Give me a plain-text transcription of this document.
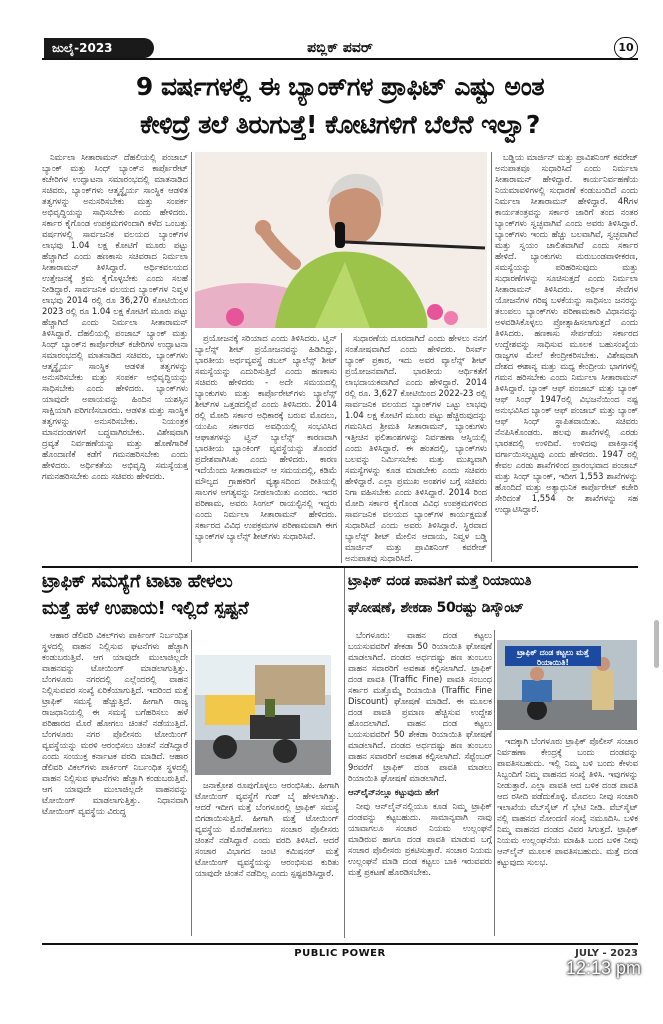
ಜುಲೈ-2023	ಪಬ್ಲಿಕ್ ಪವರ್	10
9 ವರ್ಷಗಳಲ್ಲಿ ಈ ಬ್ಯಾಂಕ್‌ಗಳ ಪ್ರಾಫಿಟ್ ಎಷ್ಟು ಅಂತ
ಕೇಳಿದ್ರೆ ತಲೆ ತಿರುಗುತ್ತೆ! ಕೋಟಿಗಳಿಗೆ ಬೆಲೆನೆ ಇಲ್ವಾ?

ನಿರ್ಮಲಾ ಸೀತಾರಾಮನ್ ದೆಹಲಿಯಲ್ಲಿ ಪಂಜಾಬ್ ಬ್ಯಾಂಕ್ ಮತ್ತು ಸಿಂಧ್ ಬ್ಯಾಂಕ್‌ನ ಕಾರ್ಪೊರೇಟ್ ಕಚೇರಿಗಳ ಉದ್ಘಾಟನಾ ಸಮಾರಂಭದಲ್ಲಿ ಮಾತನಾಡಿದ ಸಚಿವರು, ಬ್ಯಾಂಕ್‌ಗಳು ಆತ್ಮಸ್ಥೈರ್ಯ ಸಾಂಸ್ಥಿಕ ಆಡಳಿತ ತತ್ವಗಳನ್ನು ಅನುಸರಿಸಬೇಕು ಮತ್ತು ಸಂಪರ್ಕ ಅಭಿವೃದ್ಧಿಯನ್ನು ಸಾಧಿಸಬೇಕು ಎಂದು ಹೇಳಿದರು. ಸರ್ಕಾರ ಕೈಗೊಂಡ ಉಪಕ್ರಮಗಳಿಂದಾಗಿ ಕಳೆದ ಒಂಬತ್ತು ವರ್ಷಗಳಲ್ಲಿ ಸಾರ್ವಜನಿಕ ವಲಯದ ಬ್ಯಾಂಕ್‌ಗಳ ಲಾಭವು 1.04 ಲಕ್ಷ ಕೋಟಿಗೆ ಮೂರು ಪಟ್ಟು ಹೆಚ್ಚಾಗಿದೆ ಎಂದು ಹಣಕಾಸು ಸಚಿವರಾದ ನಿರ್ಮಲಾ ಸೀತಾರಾಮನ್ ತಿಳಿಸಿದ್ದಾರೆ. ಅರ್ಥಿಕವಲಯದ ಉತ್ತೇಜನಕ್ಕೆ ಕ್ರಮ ಕೈಗೊಳ್ಳಬೇಕು ಎಂದು ಸಲಹೆ ನೀಡಿದ್ದಾರೆ. ಸಾರ್ವಜನಿಕ ವಲಯದ ಬ್ಯಾಂಕ್‌ಗಳ ನಿವ್ವಳ ಲಾಭವು 2014 ರಲ್ಲಿ ರೂ 36,270 ಕೋಟಿಯಿಂದ 2023 ರಲ್ಲಿ ರೂ 1.04 ಲಕ್ಷ ಕೋಟಿಗೆ ಮೂರು ಪಟ್ಟು ಹೆಚ್ಚಾಗಿದೆ ಎಂದು ನಿರ್ಮಲಾ ಸೀತಾರಾಮನ್ ತಿಳಿಸಿದ್ದಾರೆ. ದೆಹಲಿಯಲ್ಲಿ ಪಂಜಾಬ್ ಬ್ಯಾಂಕ್ ಮತ್ತು ಸಿಂಧ್ ಬ್ಯಾಂಕ್‌ನ ಕಾರ್ಪೊರೇಟ್ ಕಚೇರಿಗಳ ಉದ್ಘಾಟನಾ ಸಮಾರಂಭದಲ್ಲಿ ಮಾತನಾಡಿದ ಸಚಿವರು, ಬ್ಯಾಂಕ್‌ಗಳು ಆತ್ಮಸ್ಥೈರ್ಯ ಸಾಂಸ್ಥಿಕ ಆಡಳಿತ ತತ್ವಗಳನ್ನು ಅನುಸರಿಸಬೇಕು ಮತ್ತು ಸಂಪರ್ಕ ಅಭಿವೃದ್ಧಿಯನ್ನು ಸಾಧಿಸಬೇಕು ಎಂದು ಹೇಳಿದರು. ಬ್ಯಾಂಕ್‌ಗಳು ಯಾವುದೇ ಅಪಾಯವನ್ನು ಹಿಂದಿನ ಯಶಸ್ಸಿನ ಸಾಕ್ಷಿಯಾಗಿ ಪರಿಗಣಿಸಬಾರದು. ಆಡಳಿತ ಮತ್ತು ಸಾಂಸ್ಥಿಕ ತತ್ವಗಳನ್ನು ಅನುಸರಿಸಬೇಕು. ನಿಯಂತ್ರಕ ಮಾನದಂಡಗಳಿಗೆ ಬದ್ಧವಾಗಿರಬೇಕು. ವಿಶೇಷವಾಗಿ ದ್ರವ್ಯತೆ ನಿರ್ವಹಣೆಯನ್ನು ಮತ್ತು ಹೊಣೆಗಾರಿಕೆ ಹೊಂದಾಣಿಕೆ ಕಡೆಗೆ ಗಮನಹರಿಸಬೇಕು ಎಂದು ಹೇಳಿದರು. ಅರ್ಥಿಕತೆಯ ಅಭಿವೃದ್ಧಿ ಸಮಸ್ಯೆಯತ್ತ ಗಮನಹರಿಸಬೇಕು ಎಂದು ಸಚಿವರು ಹೇಳಿದರು.

ಪ್ರಯೋಜನಕ್ಕೆ ಸರಿಯಾದ ಎಂದು ತಿಳಿಸಿದರು. ಟ್ವಿನ್ ಬ್ಯಾಲೆನ್ಸ್ ಶೀಟ್ ಪ್ರಯೋಜನವನ್ನು ಹಿಡಿದಿದ್ದು, ಭಾರತೀಯ ಅರ್ಥವ್ಯವಸ್ಥೆ ಡಬಲ್ ಬ್ಯಾಲೆನ್ಸ್ ಶೀಟ್ ಸಮಸ್ಯೆಯನ್ನು ಎದುರಿಸುತ್ತಿದೆ ಎಂದು ಹಣಕಾಸು ಸಚಿವರು ಹೇಳಿದರು - ಅದೇ ಸಮಯದಲ್ಲಿ ಬ್ಯಾಂಕುಗಳು ಮತ್ತು ಕಾರ್ಪೊರೇಟ್‌ಗಳು ಬ್ಯಾಲೆನ್ಸ್ ಶೀಟ್‌ಗಳ ಒತ್ತಡದಲ್ಲಿವೆ ಎಂದು ತಿಳಿಸಿದರು. 2014 ರಲ್ಲಿ ಮೋದಿ ಸರ್ಕಾರ ಅಧಿಕಾರಕ್ಕೆ ಬರುವ ಮೊದಲು, ಯುಪಿಎ ಸರ್ಕಾರದ ಅವಧಿಯಲ್ಲಿ ಸಂಭವಿಸಿದ ಆಘಾತಗಳನ್ನು ಟ್ವಿನ್ ಬ್ಯಾಲೆನ್ಸ್ ಕಾರಣವಾಗಿ ಭಾರತೀಯ ಬ್ಯಾಂಕಿಂಗ್ ವ್ಯವಸ್ಥೆಯನ್ನು ತೊಂದರೆ ಪ್ರದೇಶವಾಗಿಸಿತು ಎಂದು ಹೇಳಿದರು. ಕಾರಣ ಇದೆಯೆಂದು ಸೀತಾರಾಮನ್ ಆ ಸಮಯದಲ್ಲಿ, ಕಡಿಮೆ ಮೌಲ್ಯದ ಗ್ರಾಹಕರಿಗೆ ವ್ಯತ್ಯಾಸದಿಂದ ರೀತಿಯಲ್ಲಿ ಸಾಲಗಳ ಅಗತ್ಯವನ್ನು ನೀಡಲಾಯಿತು ಎಂದರು. ಇದರ ಪರಿಣಾಮ, ಅವರು ಸಿಂಗಲ್ ರಾಯಲ್ಟಿನಲ್ಲಿ ಇದ್ದರು ಎಂದು ನಿರ್ಮಲಾ ಸೀತಾರಾಮನ್ ಹೇಳಿದರು. ಸರ್ಕಾರದ ವಿವಿಧ ಉಪಕ್ರಮಗಳ ಪರಿಣಾಮವಾಗಿ ಈಗ ಬ್ಯಾಂಕ್‌ಗಳ ಬ್ಯಾಲೆನ್ಸ್ ಶೀಟ್‌ಗಳು ಸುಧಾರಿಸಿವೆ.

ಸುಧಾರಣೆಯ ದೂರದಾಗಿದೆ ಎಂದು ಹೇಳಲು ನನಗೆ ಸಂತೋಷವಾಗಿದೆ ಎಂದು ಹೇಳಿದರು. ರಿಸರ್ವ್ ಬ್ಯಾಂಕ್ ಪ್ರಕಾರ, ಇದು ಅವರ ವ್ಯಾಲೆನ್ಸ್ ಶೀಟ್ ಪ್ರಯೋಜನವಾಗಿದೆ. ಭಾರತೀಯ ಆರ್ಥಿಕತೆಗೆ ಲಾಭದಾಯಕವಾಗಿದೆ ಎಂದು ಹೇಳಿದ್ದಾರೆ. 2014 ರಲ್ಲಿ ರೂ. 3,627 ಕೋಟಿಯಿಂದ 2022-23 ರಲ್ಲಿ ಸಾರ್ವಜನಿಕ ವಲಯದ ಬ್ಯಾಂಕ್‌ಗಳ ಒಟ್ಟು ಲಾಭವು 1.04 ಲಕ್ಷ ಕೋಟಿಗೆ ಮೂರು ಪಟ್ಟು ಹೆಚ್ಚಿರುವುದನ್ನು ಗಮನಿಸಿದ ಶ್ರೀಮತಿ ಸೀತಾರಾಮನ್, ಬ್ಯಾಂಕುಗಳು ಇತ್ತೀಚಿನ ಫಲಿತಾಂಶಗಳನ್ನು ನಿರ್ವಹಣಾ ಆಸ್ತಿಯಲ್ಲಿ ಎಂದು ತಿಳಿಸಿದ್ದಾರೆ. ಈ ಹಂತದಲ್ಲಿ, ಬ್ಯಾಂಕ್‌ಗಳು ಬಲವನ್ನು ನಿರ್ಮಿಸಬೇಕು ಮತ್ತು ಮುಖ್ಯವಾಗಿ ಸಮಸ್ಯೆಗಳನ್ನು ಕೂಡ ಮಾಡಬೇಕು ಎಂದು ಸಚಿವರು ಹೇಳಿದ್ದಾರೆ. ಎಲ್ಲಾ ಪ್ರಮುಖ ಅಂಶಗಳ ಬಗ್ಗೆ ಸಚಿವರು ನಿಗಾ ವಹಿಸಬೇಕು ಎಂದು ತಿಳಿಸಿದ್ದಾರೆ. 2014 ರಿಂದ ಮೋದಿ ಸರ್ಕಾರ ಕೈಗೊಂಡ ವಿವಿಧ ಉಪಕ್ರಮಗಳಿಂದ ಸಾರ್ವಜನಿಕ ವಲಯದ ಬ್ಯಾಂಕ್‌ಗಳ ಕಾರ್ಯಕ್ಷಮತೆ ಸುಧಾರಿಸಿದೆ ಎಂದು ಅವರು ತಿಳಿಸಿದ್ದಾರೆ. ಸ್ಥಿರವಾದ ಬ್ಯಾಲೆನ್ಸ್ ಶೀಟ್ ಮೇಲಿನ ಆದಾಯ, ನಿವ್ವಳ ಬಡ್ಡಿ ಮಾರ್ಜಿನ್ ಮತ್ತು ಪ್ರಾವಿಶನಿಂಗ್ ಕವರೇಜ್ ಅನುಪಾತವು ಸುಧಾರಿಸಿದೆ.

ಬಡ್ಡಿಯ ಮಾರ್ಜಿನ್ ಮತ್ತು ಪ್ರಾವಿಶನಿಂಗ್ ಕವರೇಜ್ ಅನುಪಾತವೂ ಸುಧಾರಿಸಿದೆ ಎಂದು ನಿರ್ಮಲಾ ಸೀತಾರಾಮನ್ ಹೇಳಿದ್ದಾರೆ. ಕಾರ್ಯನಿರ್ವಹಣೆಯ ನಿಯಮಾವಳಿಗಳಲ್ಲಿ ಸುಧಾರಣೆ ಕಂಡುಬಂದಿದೆ ಎಂದು ನಿರ್ಮಲಾ ಸೀತಾರಾಮನ್ ಹೇಳಿದ್ದಾರೆ. 4Rಗಳ ಕಾರ್ಯತಂತ್ರವನ್ನು ಸರ್ಕಾರ ಜಾರಿಗೆ ತಂದ ನಂತರ ಬ್ಯಾಂಕ್‌ಗಳು ಸ್ವಚ್ಛವಾಗಿವೆ ಎಂದು ಅವರು ತಿಳಿಸಿದ್ದಾರೆ. ಬ್ಯಾಂಕ್‌ಗಳು ಇಂದು ಹೆಚ್ಚು ಬಲವಾಗಿವೆ, ಸ್ವಚ್ಛವಾಗಿವೆ ಮತ್ತು ಸ್ವಯಂ ಚಾಲಿತವಾಗಿವೆ ಎಂದು ಸರ್ಕಾರ ಹೇಳಿದೆ. ಬ್ಯಾಂಕುಗಳು ಮರುಬಂಡವಾಳೀಕರಣ, ಸಮಸ್ಯೆಯನ್ನು ಪರಿಹರಿಸುವುದು ಮತ್ತು ಸುಧಾರಣೆಗಳನ್ನು ಸೂಚಿಸುತ್ತದೆ ಎಂದು ನಿರ್ಮಲಾ ಸೀತಾರಾಮನ್ ತಿಳಿಸಿದರು. ಅರ್ಥಿಕ ಸೇವೆಗಳ ಯೋಜನೆಗಳ ಗರಿಷ್ಠ ಬಳಕೆಯನ್ನು ಸಾಧಿಸಲು ಜನರನ್ನು ತಲುಪಲು ಬ್ಯಾಂಕ್‌ಗಳು ಪರಿಣಾಮಕಾರಿ ವಿಧಾನವನ್ನು ಅಳವಡಿಸಿಕೊಳ್ಳಲು ಪ್ರೋತ್ಸಾಹಿಸಲಾಗುತ್ತದೆ ಎಂದು ತಿಳಿಸಿದರು. ಹಣಕಾಸು ಸೇರ್ಪಡೆಯ ಸರ್ಕಾರದ ಉದ್ದೇಶವನ್ನು ಸಾಧಿಸುವ ಮೂಲಕ ಬಹುಸಂಖ್ಯೆಯ ರಾಜ್ಯಗಳ ಮೇಲೆ ಕೇಂದ್ರೀಕರಿಸಬೇಕು. ವಿಶೇಷವಾಗಿ ದೇಶದ ಈಶಾನ್ಯ ಮತ್ತು ಮಧ್ಯ ಕೇಂದ್ರೀಯ ಭಾಗಗಳಲ್ಲಿ ಗಮನ ಹರಿಸಬೇಕು ಎಂದು ನಿರ್ಮಲಾ ಸೀತಾರಾಮನ್ ತಿಳಿಸಿದ್ದಾರೆ. ಬ್ಯಾಂಕ್ ಆಫ್ ಪಂಜಾಬ್ ಮತ್ತು ಬ್ಯಾಂಕ್ ಆಫ್ ಸಿಂಧ್ 1947ರಲ್ಲಿ ವಿಭಜನೆಯಿಂದ ನಷ್ಟ ಅನುಭವಿಸಿದ ಬ್ಯಾಂಕ್ ಆಫ್ ಪಂಜಾಬ್ ಮತ್ತು ಬ್ಯಾಂಕ್ ಆಫ್ ಸಿಂಧ್ ಸ್ಥಾಪಿತವಾಯಿತು. ಸಚಿವರು ನೆನಪಿಸಿಕೊಂಡರು. ಹಲವು ಶಾಖೆಗಳಲ್ಲಿ ಎರಡು ಭಾರತದಲ್ಲಿ ಉಳಿದಿವೆ. ಉಳಿದವು ಪಾಕಿಸ್ತಾನಕ್ಕೆ ವರ್ಗಾಯಿಸಲ್ಪಟ್ಟವು ಎಂದು ಹೇಳಿದರು. 1947 ರಲ್ಲಿ ಕೇವಲ ಎರಡು ಶಾಖೆಗಳಿಂದ ಪ್ರಾರಂಭವಾದ ಪಂಜಾಬ್ ಮತ್ತು ಸಿಂಧ್ ಬ್ಯಾಂಕ್, ಇದೀಗ 1,553 ಶಾಖೆಗಳನ್ನು ಹೊಂದಿದೆ ಮತ್ತು ಅತ್ಯಾಧುನಿಕ ಕಾರ್ಪೊರೇಟ್ ಕಚೇರಿ ಸೇರಿದಂತೆ 1,554 ರೀ ಶಾಖೆಗಳನ್ನು ಸಹ ಉದ್ಘಾಟಿಸಿದ್ದಾರೆ.

ಟ್ರಾಫಿಕ್ ಸಮಸ್ಯೆಗೆ ಟಾಟಾ ಹೇಳಲು
ಮತ್ತೆ ಹಳೆ ಉಪಾಯ! ಇಲ್ಲಿದೆ ಸ್ಪಷ್ಟನೆ
ಟ್ರಾಫಿಕ್ ದಂಡ ಪಾವತಿಗೆ ಮತ್ತೆ ರಿಯಾಯಿತಿ
ಘೋಷಣೆ, ಶೇಕಡಾ 50ರಷ್ಟು ಡಿಸ್ಕೌಂಟ್

ಆಹಾರ ಡೆಲಿವರಿ ವಿಕಲ್‌ಗಳು ಪಾರ್ಕಿಂಗ್ ನಿರ್ಬಂಧಿತ ಸ್ಥಳದಲ್ಲಿ ವಾಹನ ನಿಲ್ಲಿಸುವ ಘಟನೆಗಳು ಹೆಚ್ಚಾಗಿ ಕಂಡುಬರುತ್ತಿವೆ. ಆಗ ಯಾವುದೇ ಮುಲಾಜಿಲ್ಲದೇ ವಾಹನವನ್ನು ಟೋಯಿಂಗ್ ಮಾಡಲಾಗುತ್ತಿತ್ತು. ಬೆಂಗಳೂರು ನಗರದಲ್ಲಿ ಎಲ್ಲೆಂದರಲ್ಲಿ ವಾಹನ ನಿಲ್ಲಿಸುವವರ ಸಂಖ್ಯೆ ಏರಿಕೆಯಾಗುತ್ತಿದೆ. ಇದರಿಂದ ಮತ್ತೆ ಟ್ರಾಫಿಕ್ ಸಮಸ್ಯೆ ಹೆಚ್ಚುತ್ತಿದೆ. ಹೀಗಾಗಿ ರಾಜ್ಯ ರಾಜಧಾನಿಯಲ್ಲಿ ಈ ಸಮಸ್ಯೆ ಬಗೆಹರಿಸಲು ಹಳೆ ಪರಿಹಾರದ ಮೊರೆ ಹೋಗಲು ಚಿಂತನೆ ನಡೆಯುತ್ತಿದೆ. ಬೆಂಗಳೂರು ನಗರ ಪೊಲೀಸರು ಟೋಯಿಂಗ್ ವ್ಯವಸ್ಥೆಯನ್ನು ಮರಳಿ ಆರಂಭಿಸಲು ಚಿಂತನೆ ನಡೆಸಿದ್ದಾರೆ ಎಂದು ಸಂಯುಕ್ತ ಕರ್ನಾಟಕ ವರದಿ ಮಾಡಿದೆ. ಆಹಾರ ಡೆಲಿವರಿ ವಿಕಲ್‌ಗಳು ಪಾರ್ಕಿಂಗ್ ನಿರ್ಬಂಧಿತ ಸ್ಥಳದಲ್ಲಿ ವಾಹನ ನಿಲ್ಲಿಸುವ ಘಟನೆಗಳು ಹೆಚ್ಚಾಗಿ ಕಂಡುಬರುತ್ತಿವೆ. ಆಗ ಯಾವುದೇ ಮುಲಾಜಿಲ್ಲದೇ ವಾಹನವನ್ನು ಟೋಯಿಂಗ್ ಮಾಡಲಾಗುತ್ತಿತ್ತು. ನಿಧಾನವಾಗಿ ಟೋಯಿಂಗ್ ವ್ಯವಸ್ಥೆಯ ವಿರುದ್ಧ

ಜನಾಕ್ರೋಶ ರೂಪುಗೊಳ್ಳಲು ಆರಂಭಿಸಿತು. ಹೀಗಾಗಿ ಟೋಯಿಂಗ್ ವ್ಯವಸ್ಥೆಗೆ ಗುಡ್ ಬೈ ಹೇಳಲಾಗಿತ್ತು. ಆದರೆ ಇದೀಗ ಮತ್ತೆ ಬೆಂಗಳೂರಲ್ಲಿ ಟ್ರಾಫಿಕ್ ಸಮಸ್ಯೆ ಬಿಗಡಾಯಿಸುತ್ತಿದೆ. ಹೀಗಾಗಿ ಮತ್ತೆ ಟೋಯಿಂಗ್ ವ್ಯವಸ್ಥೆಯ ಮೊರೆಹೋಗಲು ಸಂಚಾರ ಪೊಲೀಸರು ಚಿಂತನೆ ನಡೆಸಿದ್ದಾರೆ ಎಂದು ವರದಿ ತಿಳಿಸಿದೆ. ಆದರೆ ಸಂಚಾರ ವಿಭಾಗದ ಜಂಟಿ ಕಮಿಷನರ್ ಮತ್ತೆ ಟೋಯಿಂಗ್ ವ್ಯವಸ್ಥೆಯನ್ನು ಆರಂಭಿಸುವ ಕುರಿತು ಯಾವುದೇ ಚಿಂತನೆ ನಡೆದಿಲ್ಲ ಎಂದು ಸ್ಪಷ್ಟಪಡಿಸಿದ್ದಾರೆ.

ಬೆಂಗಳೂರು: ವಾಹನ ದಂಡ ಕಟ್ಟಲು ಬಯಸುವವರಿಗೆ ಶೇಕಡಾ 50 ರಿಯಾಯಿತಿ ಘೋಷಣೆ ಮಾಡಲಾಗಿದೆ. ದಂಡದ ಅರ್ಧದಷ್ಟು ಹಣ ತುಂಬಲು ವಾಹನ ಸವಾರರಿಗೆ ಅವಕಾಶ ಕಲ್ಪಿಸಲಾಗಿದೆ. ಟ್ರಾಫಿಕ್ ದಂಡ ಪಾವತಿ (Traffic Fine) ಪಾವತಿ ಸಂಬಂಧ ಸರ್ಕಾರ ಮತ್ತೊಮ್ಮೆ ರಿಯಾಯಿತಿ (Traffic Fine Discount) ಘೋಷಣೆ ಮಾಡಿದೆ. ಈ ಮೂಲಕ ದಂಡ ಪಾವತಿ ಪ್ರಮಾಣ ಹೆಚ್ಚಿಸುವ ಉದ್ದೇಶ ಹೊಂದಲಾಗಿದೆ. ವಾಹನ ದಂಡ ಕಟ್ಟಲು ಬಯಸುವವರಿಗೆ 50 ಶೇಕಡಾ ರಿಯಾಯಿತಿ ಘೋಷಣೆ ಮಾಡಲಾಗಿದೆ. ದಂಡದ ಅರ್ಧದಷ್ಟು ಹಣ ತುಂಬಲು ವಾಹನ ಸವಾರರಿಗೆ ಅವಕಾಶ ಕಲ್ಪಿಸಲಾಗಿದೆ. ಸೆಪ್ಟೆಂಬರ್ 9ರವರೆಗೆ ಟ್ರಾಫಿಕ್ ದಂಡ ಪಾವತಿ ಮಾಡಲು ರಿಯಾಯಿತಿ ಘೋಷಣೆ ಮಾಡಲಾಗಿದೆ.

ಆನ್‌ಲೈನ್‌ನಲ್ಲೂ ಕಟ್ಟುವುದು ಹೇಗೆ

ನೀವು ಆನ್‌ಲೈನ್‌ನಲ್ಲಿಯೂ ಕೂಡ ನಿಮ್ಮ ಟ್ರಾಫಿಕ್ ದಂಡವನ್ನು ಕಟ್ಟಬಹುದು. ಸಾಮಾನ್ಯವಾಗಿ ನಾವು ಯಾವಾಗಲೂ ಸಂಚಾರ ನಿಯಮ ಉಲ್ಲಂಘನೆ ಮಾಡಿರುವ ಹಾಗೂ ದಂಡ ಪಾವತಿ ಮಾಡುವ ಬಗ್ಗೆ ಸಂಚಾರ ಪೊಲೀಸರು ಪ್ರಕಟಿಸುತ್ತಾರೆ. ಸಂಚಾರ ನಿಯಮ ಉಲ್ಲಂಘನೆ ಮಾಡಿ ದಂಡ ಕಟ್ಟಲು ಬಾಕಿ ಇರುವವರು ಮತ್ತೆ ಪ್ರಕಟಣೆ ಹೊರಡಿಸಬೇಕು.

ಟ್ರಾಫಿಕ್ ದಂಡ ಕಟ್ಟಲು ಮತ್ತೆ ರಿಯಾಯಿತಿ!

ಇದಕ್ಕಾಗಿ ಬೆಂಗಳೂರು ಟ್ರಾಫಿಕ್ ಪೊಲೀಸ್ ಸಂಚಾರ ನಿರ್ವಹಣಾ ಕೇಂದ್ರಕ್ಕೆ ಬಂದು ದಂಡವನ್ನು ಪಾವತಿಸಬಹುದು. ಇಲ್ಲಿ ನಿಮ್ಮ ಬಳಿ ಬಂದು ಕೇಳುವ ಸಿಬ್ಬಂದಿಗೆ ನಿಮ್ಮ ವಾಹನದ ಸಂಖ್ಯೆ ತಿಳಿಸಿ. ಇವುಗಳನ್ನು ನೀಡುತ್ತಾರೆ. ಎಲ್ಲಾ ಪಾವತಿ ಆದ ಬಳಿಕ ದಂಡ ಪಾವತಿ ಆದ ರಸೀದಿ ಪಡೆದುಕೊಳ್ಳಿ. ಮೊದಲು ನೀವು ಸಂಚಾರಿ ಇಲಾಖೆಯ ವೆಬ್‌ಸೈಟ್ ಗೆ ಭೇಟಿ ನೀಡಿ. ವೆಬ್‌ಸೈಟ್ ನಲ್ಲಿ ವಾಹನದ ನೋಂದಣಿ ಸಂಖ್ಯೆ ನಮೂದಿಸಿ. ಬಳಿಕ ನಿಮ್ಮ ವಾಹನದ ದಂಡದ ವಿವರ ಸಿಗುತ್ತದೆ. ಟ್ರಾಫಿಕ್ ನಿಯಮ ಉಲ್ಲಂಘನೆಯ ಮಾಹಿತಿ ಬಂದ ಬಳಿಕ ನೀವು ಆನ್‌ಲೈನ್ ಮೂಲಕ ಪಾವತಿಸಬಹುದು. ಮತ್ತೆ ದಂಡ ಕಟ್ಟುವುದು ಸುಲಭ.

PUBLIC POWER	JULY - 2023
12:13 pm
